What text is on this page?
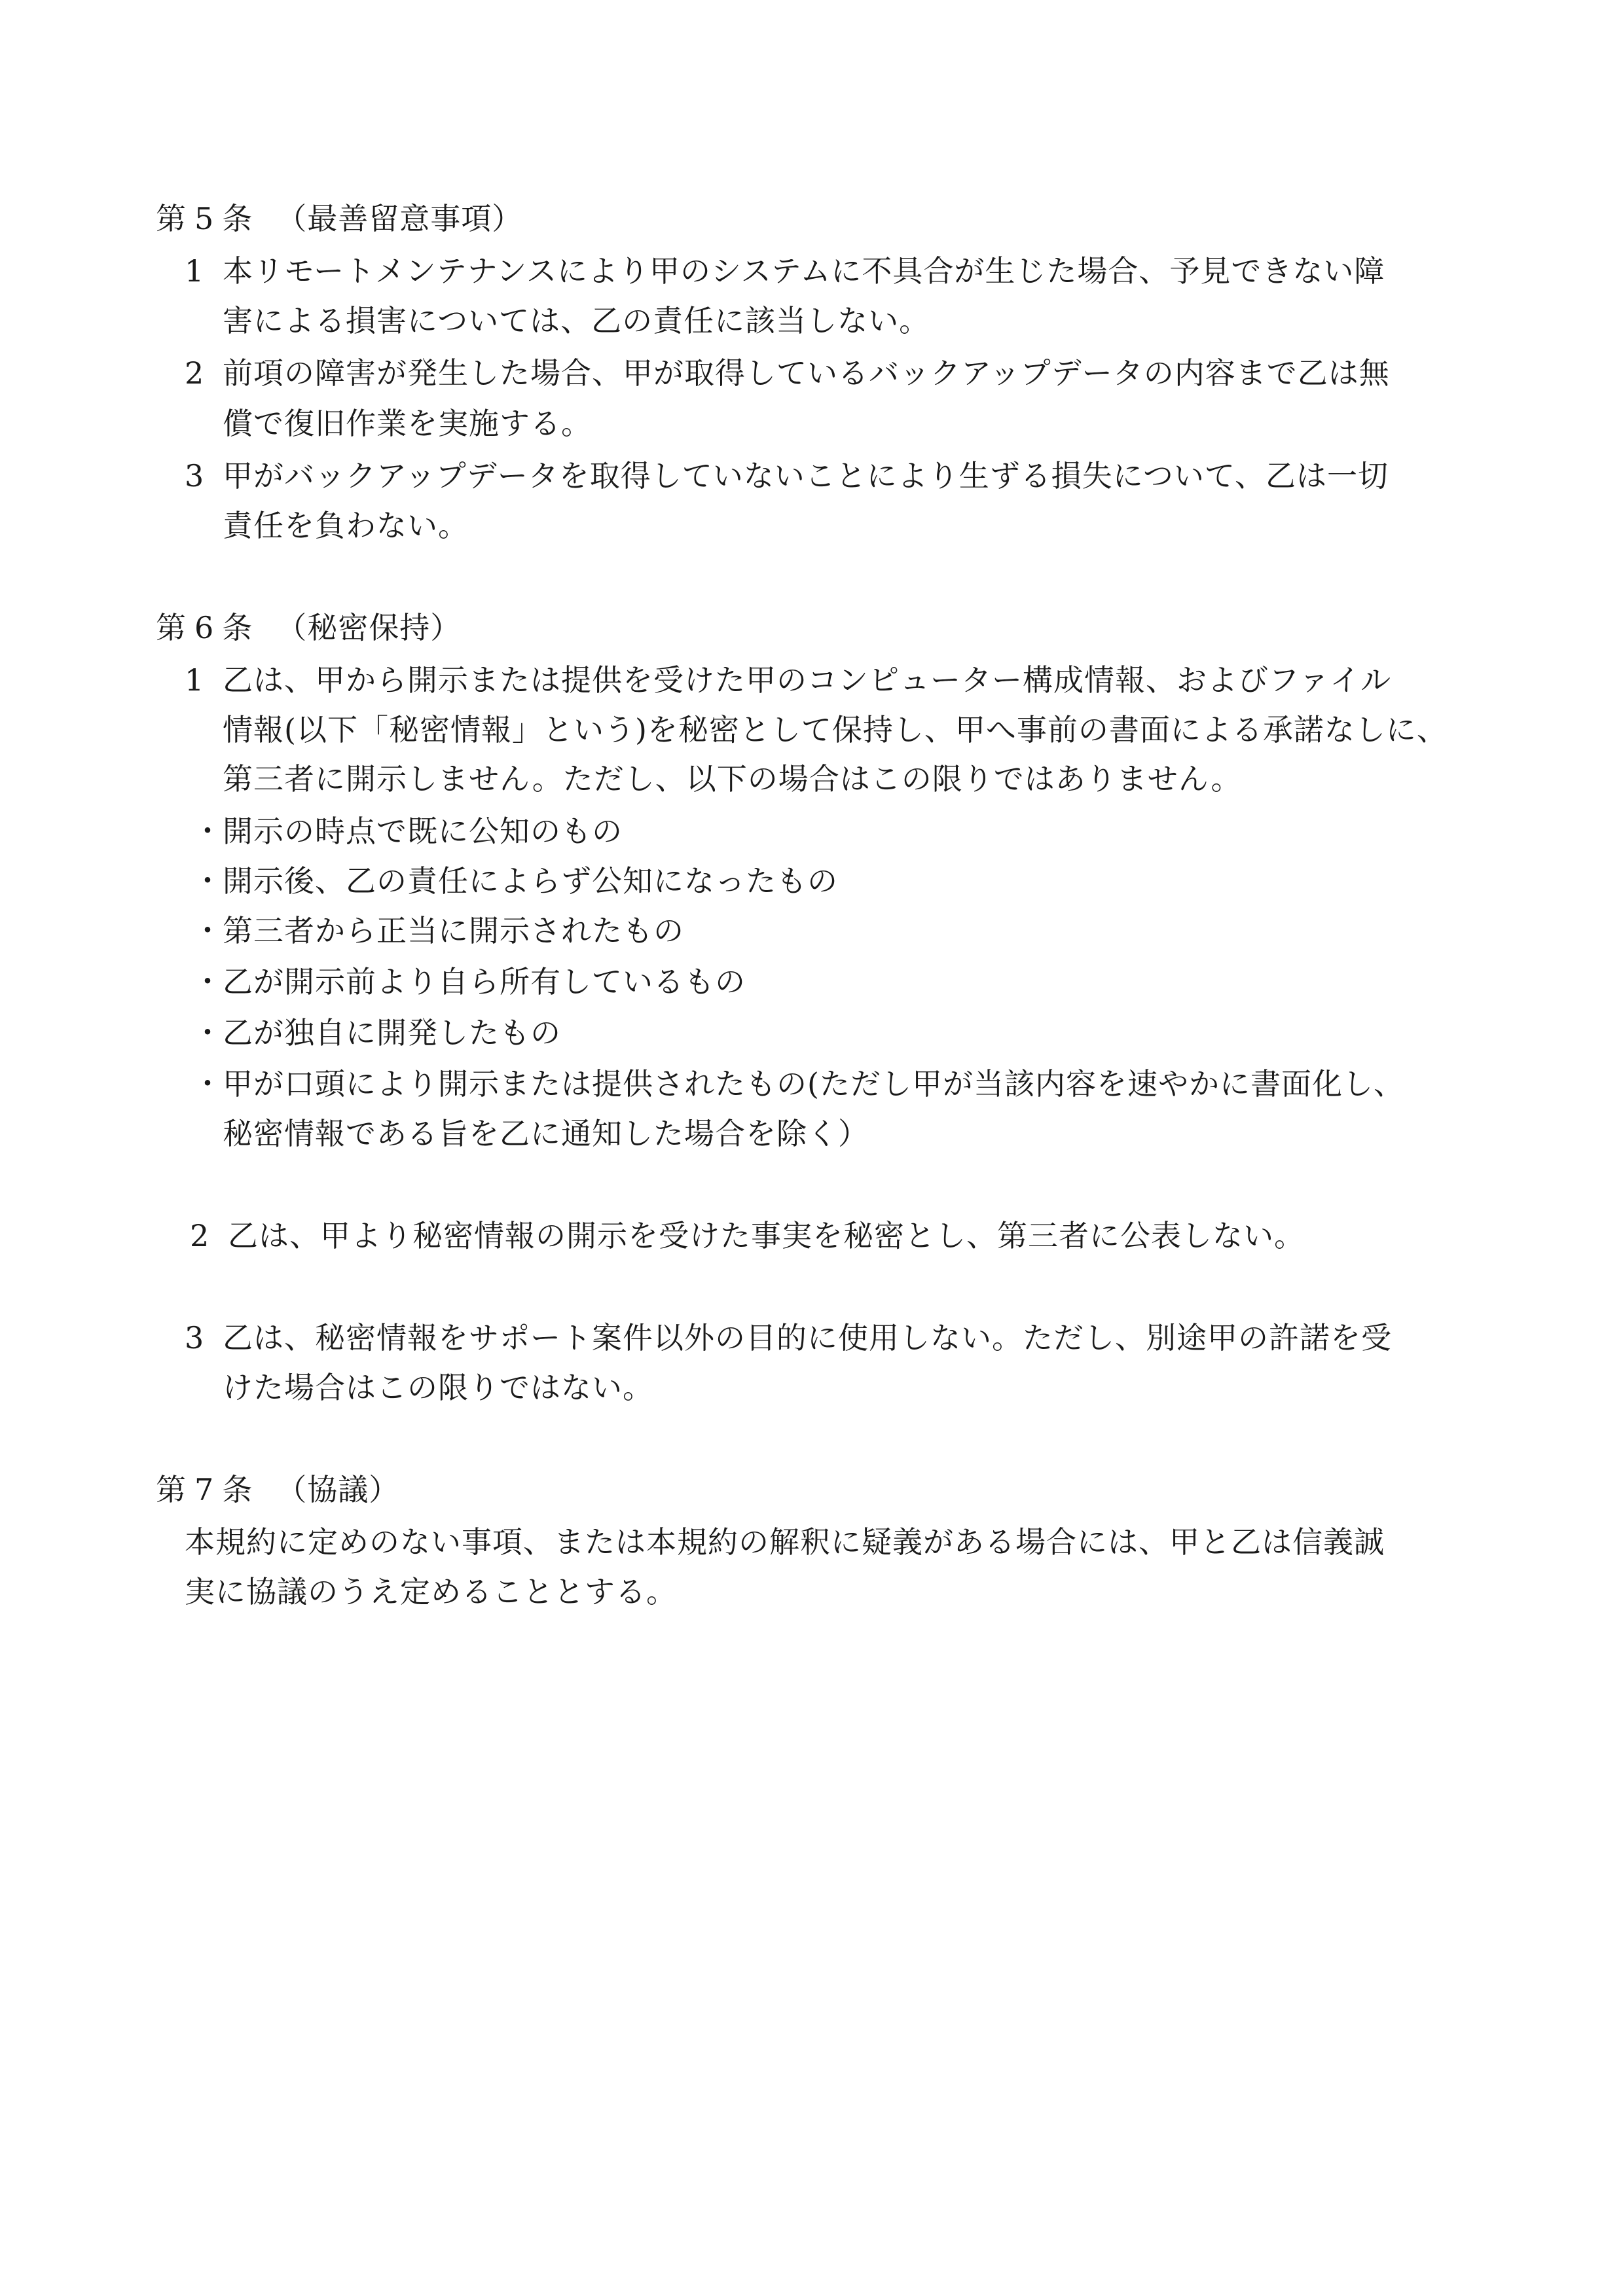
第 5 条 （最善留意事項）
1 本リモートメンテナンスにより甲のシステムに不具合が生じた場合、予見できない障
害による損害については、乙の責任に該当しない。
2 前項の障害が発生した場合、甲が取得しているバックアップデータの内容まで乙は無
償で復旧作業を実施する。
3 甲がバックアップデータを取得していないことにより生ずる損失について、乙は一切
責任を負わない。
第 6 条 （秘密保持）
1 乙は、甲から開示または提供を受けた甲のコンピューター構成情報、およびファイル
情報(以下「秘密情報」という)を秘密として保持し、甲へ事前の書面による承諾なしに、
第三者に開示しません。ただし、以下の場合はこの限りではありません。
・開示の時点で既に公知のもの
・開示後、乙の責任によらず公知になったもの
・第三者から正当に開示されたもの
・乙が開示前より自ら所有しているもの
・乙が独自に開発したもの
・甲が口頭により開示または提供されたもの(ただし甲が当該内容を速やかに書面化し、
秘密情報である旨を乙に通知した場合を除く）
2 乙は、甲より秘密情報の開示を受けた事実を秘密とし、第三者に公表しない。
3 乙は、秘密情報をサポート案件以外の目的に使用しない。ただし、別途甲の許諾を受
けた場合はこの限りではない。
第 7 条 （協議）
本規約に定めのない事項、または本規約の解釈に疑義がある場合には、甲と乙は信義誠
実に協議のうえ定めることとする。
